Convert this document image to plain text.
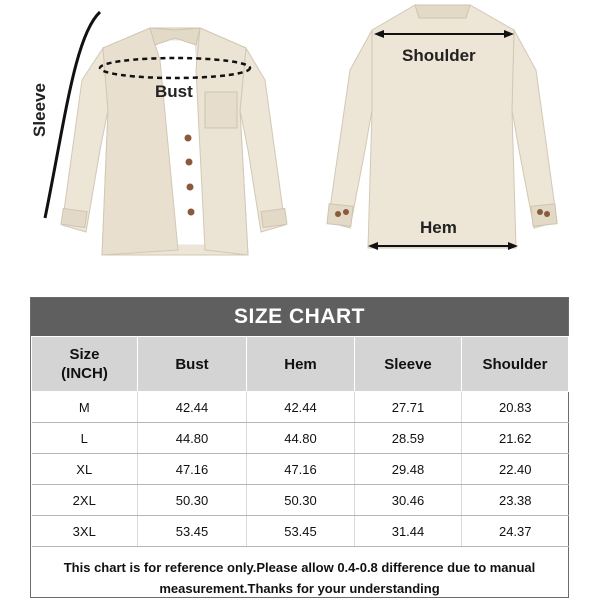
Bust
Shoulder
Hem
Sleeve
SIZE CHART
Size (INCH)	Bust	Hem	Sleeve	Shoulder
M	42.44	42.44	27.71	20.83
L	44.80	44.80	28.59	21.62
XL	47.16	47.16	29.48	22.40
2XL	50.30	50.30	30.46	23.38
3XL	53.45	53.45	31.44	24.37
This chart is for reference only.Please allow 0.4-0.8 difference due to manual measurement.Thanks for your understanding
